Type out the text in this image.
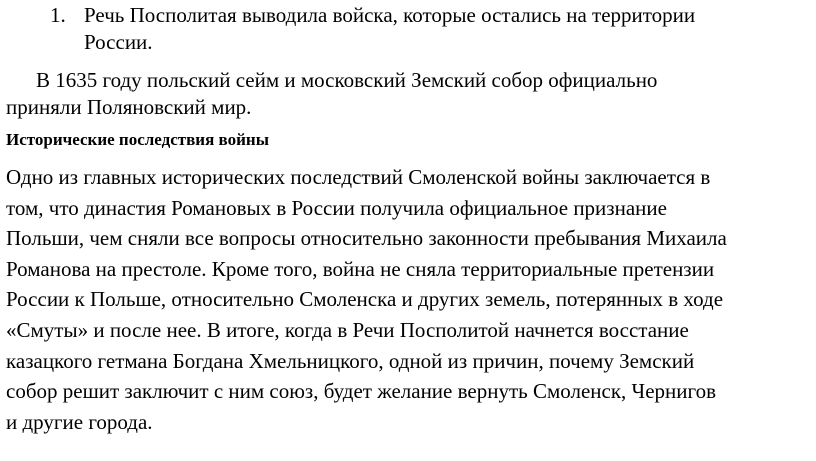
1. Речь Посполитая выводила войска, которые остались на территории
России.
В 1635 году польский сейм и московский Земский собор официально
приняли Поляновский мир.
Исторические последствия войны
Одно из главных исторических последствий Смоленской войны заключается в
том, что династия Романовых в России получила официальное признание
Польши, чем сняли все вопросы относительно законности пребывания Михаила
Романова на престоле. Кроме того, война не сняла территориальные претензии
России к Польше, относительно Смоленска и других земель, потерянных в ходе
«Смуты» и после нее. В итоге, когда в Речи Посполитой начнется восстание
казацкого гетмана Богдана Хмельницкого, одной из причин, почему Земский
собор решит заключит с ним союз, будет желание вернуть Смоленск, Чернигов
и другие города.
